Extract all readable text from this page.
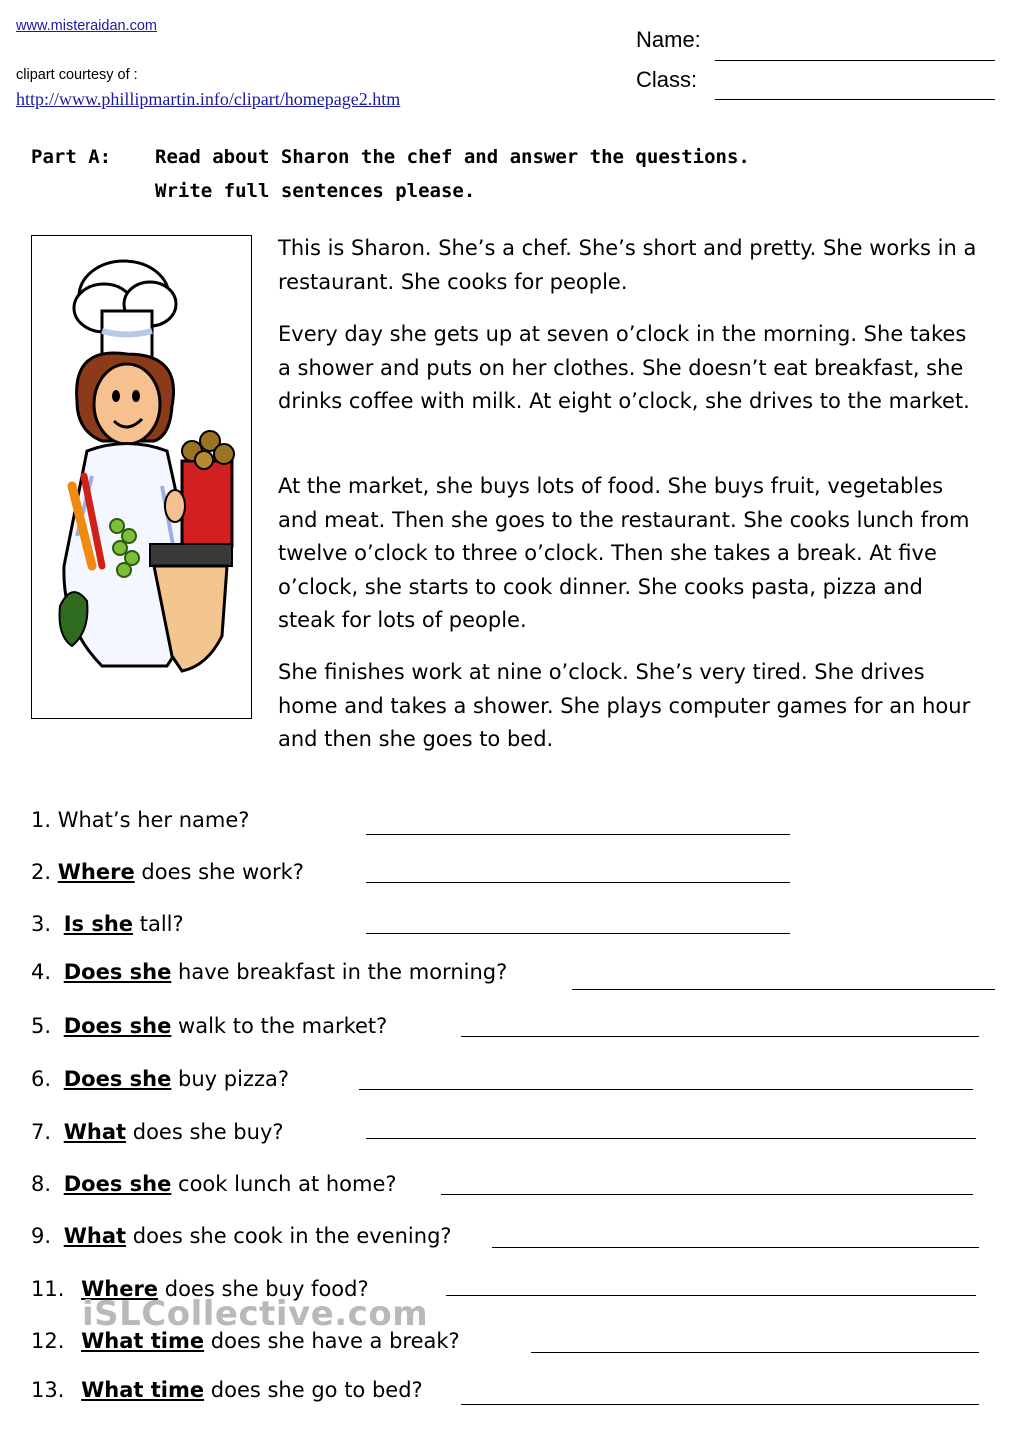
www.misteraidan.com
clipart courtesy of :
http://www.phillipmartin.info/clipart/homepage2.htm
Name:
Class:
Part A: Read about Sharon the chef and answer the questions.
Write full sentences please.

This is Sharon. She’s a chef. She’s short and pretty. She works in a restaurant. She cooks for people.

Every day she gets up at seven o’clock in the morning. She takes a shower and puts on her clothes. She doesn’t eat breakfast, she drinks coffee with milk. At eight o’clock, she drives to the market.

At the market, she buys lots of food. She buys fruit, vegetables and meat. Then she goes to the restaurant. She cooks lunch from twelve o’clock to three o’clock. Then she takes a break. At five o’clock, she starts to cook dinner. She cooks pasta, pizza and steak for lots of people.

She finishes work at nine o’clock. She’s very tired. She drives home and takes a shower. She plays computer games for an hour and then she goes to bed.

1. What’s her name?
2. Where does she work?
3. Is she tall?
4. Does she have breakfast in the morning?
5. Does she walk to the market?
6. Does she buy pizza?
7. What does she buy?
8. Does she cook lunch at home?
9. What does she cook in the evening?
11. Where does she buy food?
iSLCollective.com
12. What time does she have a break?
13. What time does she go to bed?
